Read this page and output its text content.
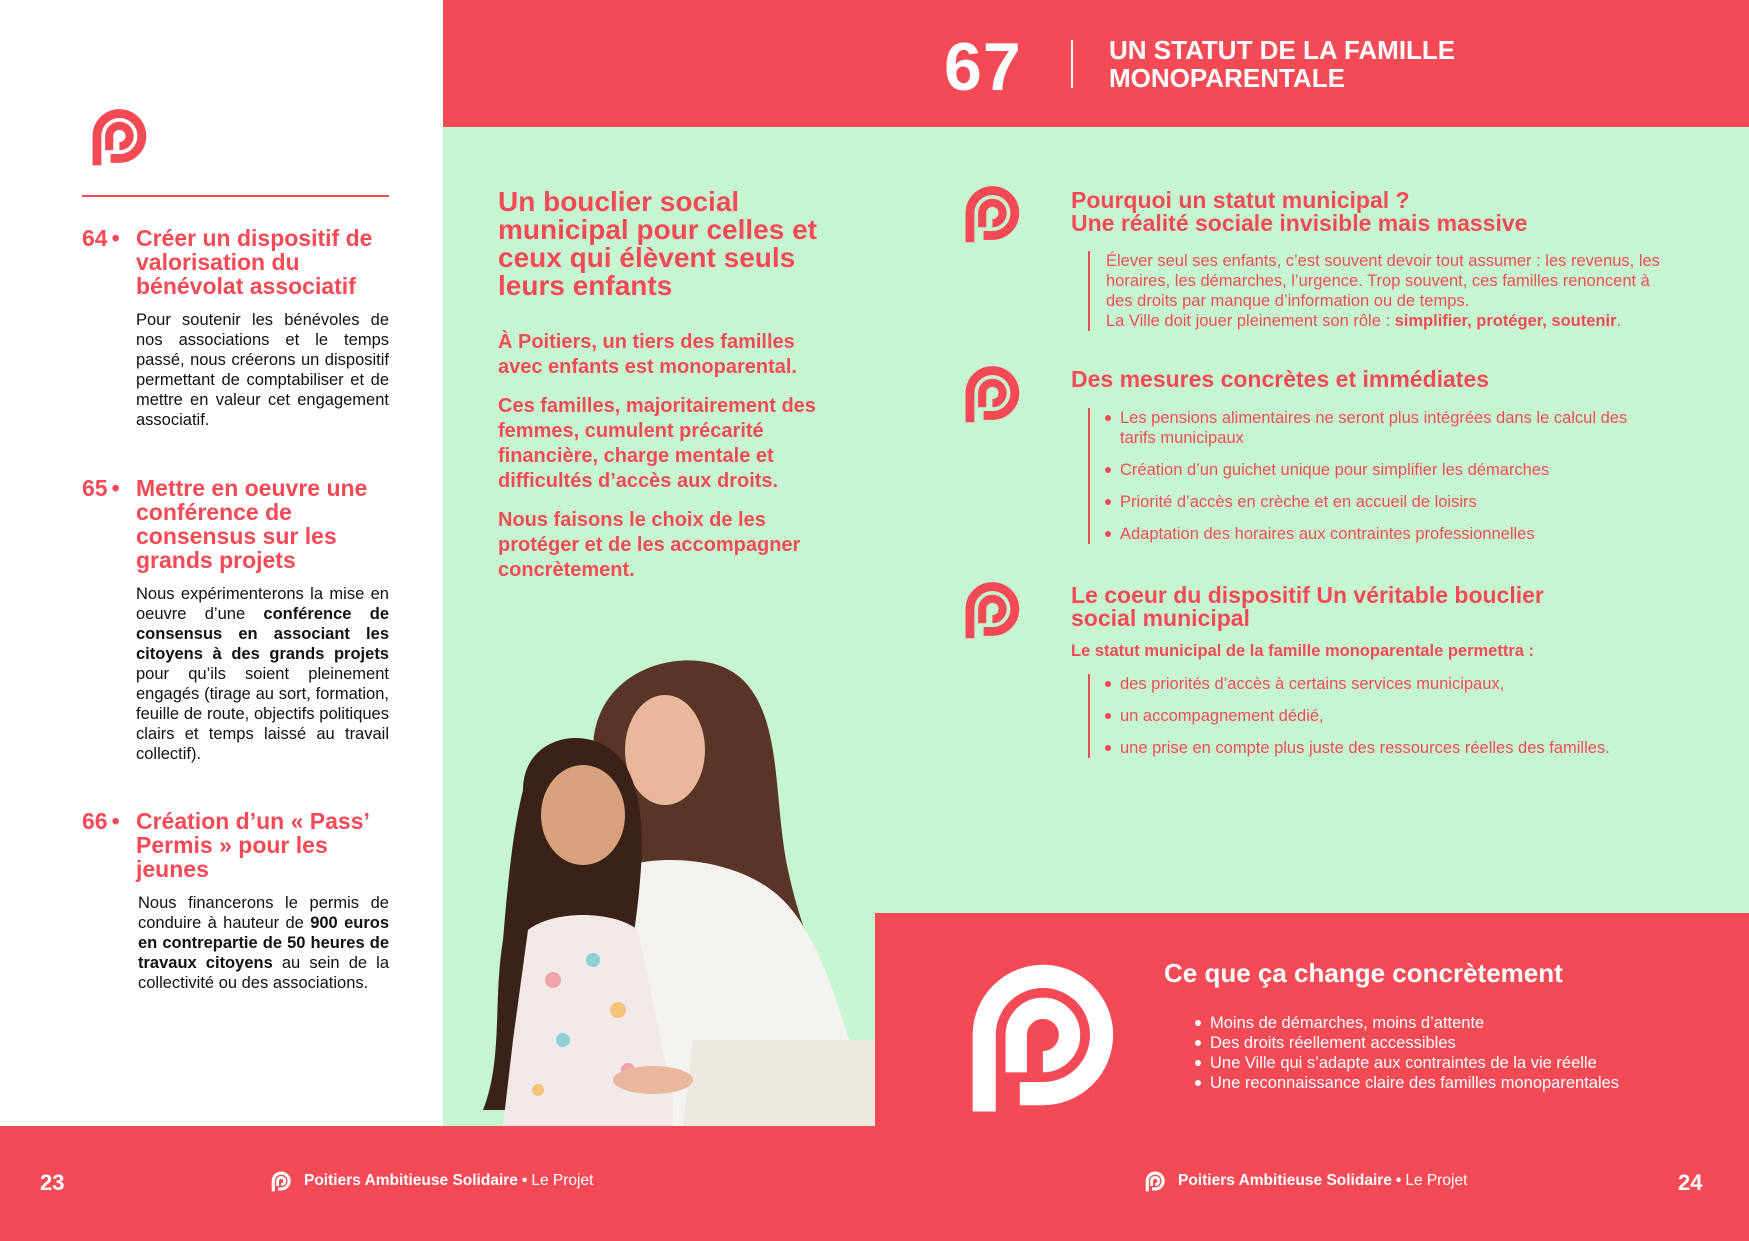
64 • Créer un dispositif de valorisation du bénévolat associatif

Pour soutenir les bénévoles de nos associations et le temps passé, nous créerons un dispositif permettant de comptabiliser et de mettre en valeur cet engagement associatif.

65 • Mettre en oeuvre une conférence de consensus sur les grands projets

Nous expérimenterons la mise en oeuvre d’une conférence de consensus en associant les citoyens à des grands projets pour qu’ils soient pleinement engagés (tirage au sort, formation, feuille de route, objectifs politiques clairs et temps laissé au travail collectif).

66 • Création d’un « Pass’ Permis » pour les jeunes

Nous financerons le permis de conduire à hauteur de 900 euros en contrepartie de 50 heures de travaux citoyens au sein de la collectivité ou des associations.

67	UN STATUT DE LA FAMILLE
MONOPARENTALE
Un bouclier social municipal pour celles et ceux qui élèvent seuls leurs enfants

À Poitiers, un tiers des familles avec enfants est monoparental.

Ces familles, majoritairement des femmes, cumulent précarité financière, charge mentale et difficultés d’accès aux droits.

Nous faisons le choix de les protéger et de les accompagner concrètement.

Pourquoi un statut municipal ?
Une réalité sociale invisible mais massive
Élever seul ses enfants, c’est souvent devoir tout assumer : les revenus, les horaires, les démarches, l’urgence. Trop souvent, ces familles renoncent à des droits par manque d’information ou de temps.
La Ville doit jouer pleinement son rôle : simplifier, protéger, soutenir.
Des mesures concrètes et immédiates
Les pensions alimentaires ne seront plus intégrées dans le calcul des tarifs municipaux
Création d’un guichet unique pour simplifier les démarches
Priorité d’accès en crèche et en accueil de loisirs
Adaptation des horaires aux contraintes professionnelles
Le coeur du dispositif Un véritable bouclier
social municipal
Le statut municipal de la famille monoparentale permettra :
des priorités d’accès à certains services municipaux,
un accompagnement dédié,
une prise en compte plus juste des ressources réelles des familles.
Ce que ça change concrètement
Moins de démarches, moins d’attente
Des droits réellement accessibles
Une Ville qui s’adapte aux contraintes de la vie réelle
Une reconnaissance claire des familles monoparentales
23	24
Poitiers Ambitieuse Solidaire • Le Projet	Poitiers Ambitieuse Solidaire • Le Projet
